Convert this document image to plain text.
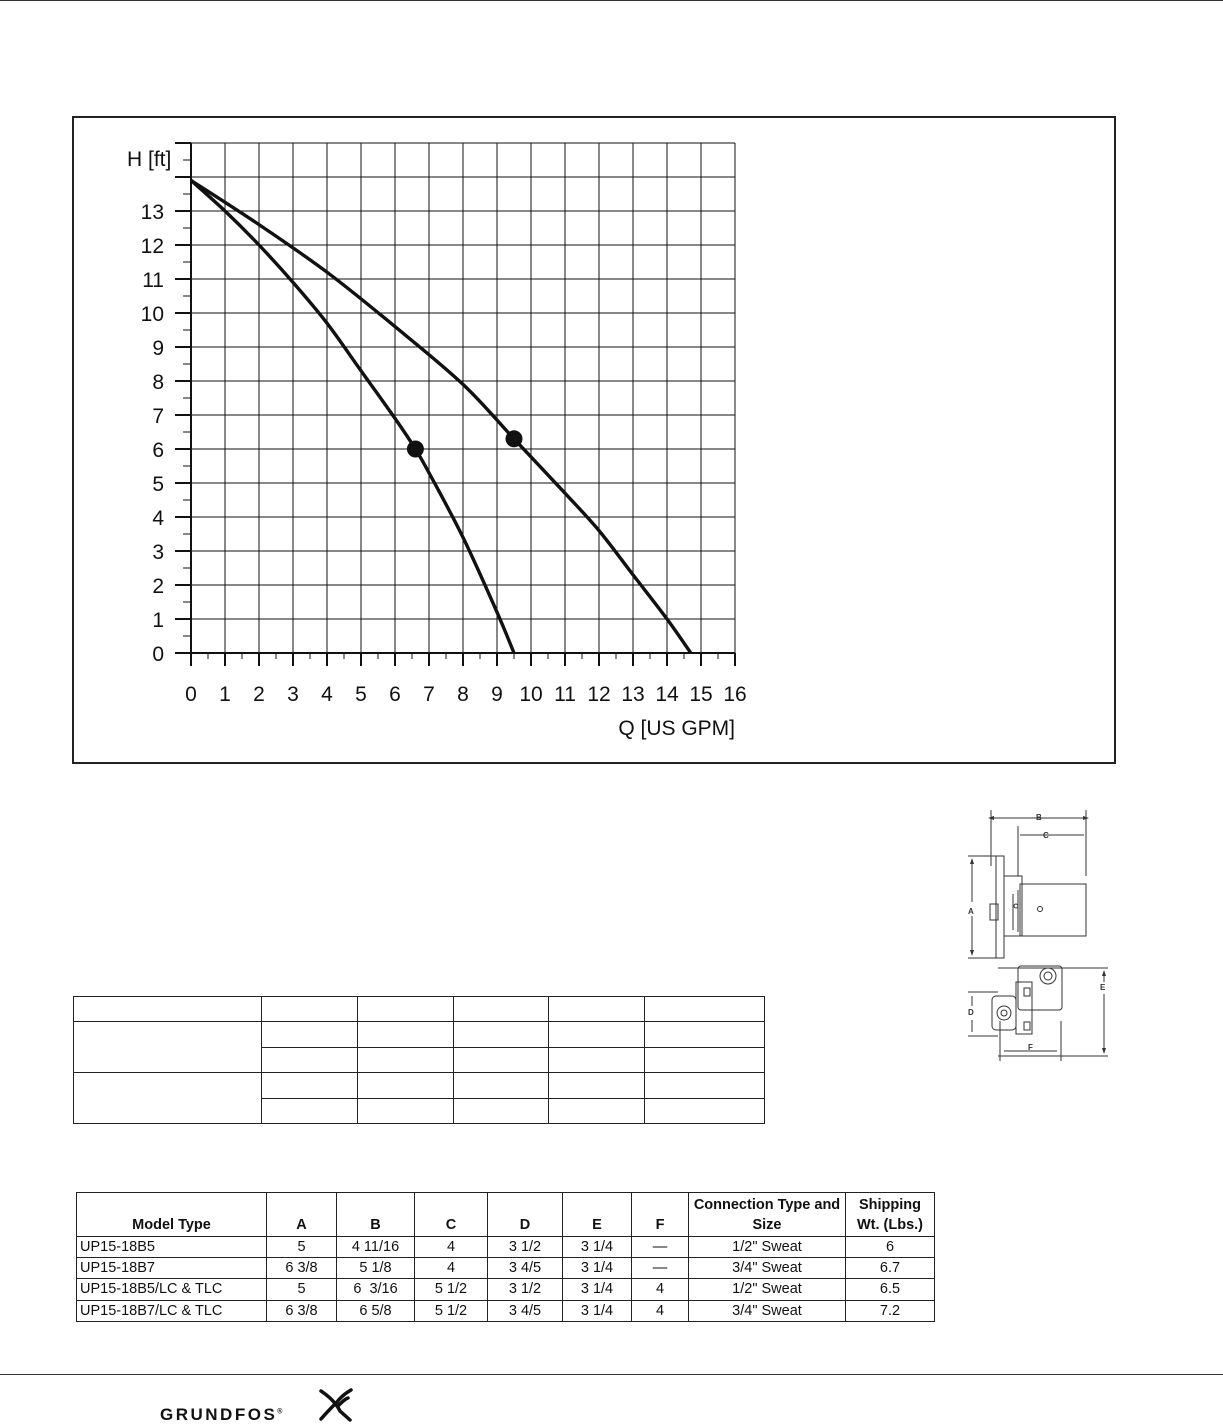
0 1 2 3 4 5 6 7 8 9 10 11 12 13 14 15 16
0
1
2
3
4
5
6
7
8
9
10
11
12
13
H [ft]
Q [US GPM]

B
C
A
E
D
F
Model Type	A	B	C	D	E	F	Connection Type and Size	Shipping Wt. (Lbs.)
UP15-18B5	5	4 11/16	4	3 1/2	3 1/4	—	1/2" Sweat	6
UP15-18B7	6 3/8	5 1/8	4	3 4/5	3 1/4	—	3/4" Sweat	6.7
UP15-18B5/LC & TLC	5	6  3/16	5 1/2	3 1/2	3 1/4	4	1/2" Sweat	6.5
UP15-18B7/LC & TLC	6 3/8	6 5/8	5 1/2	3 4/5	3 1/4	4	3/4" Sweat	7.2
GRUNDFOS®
